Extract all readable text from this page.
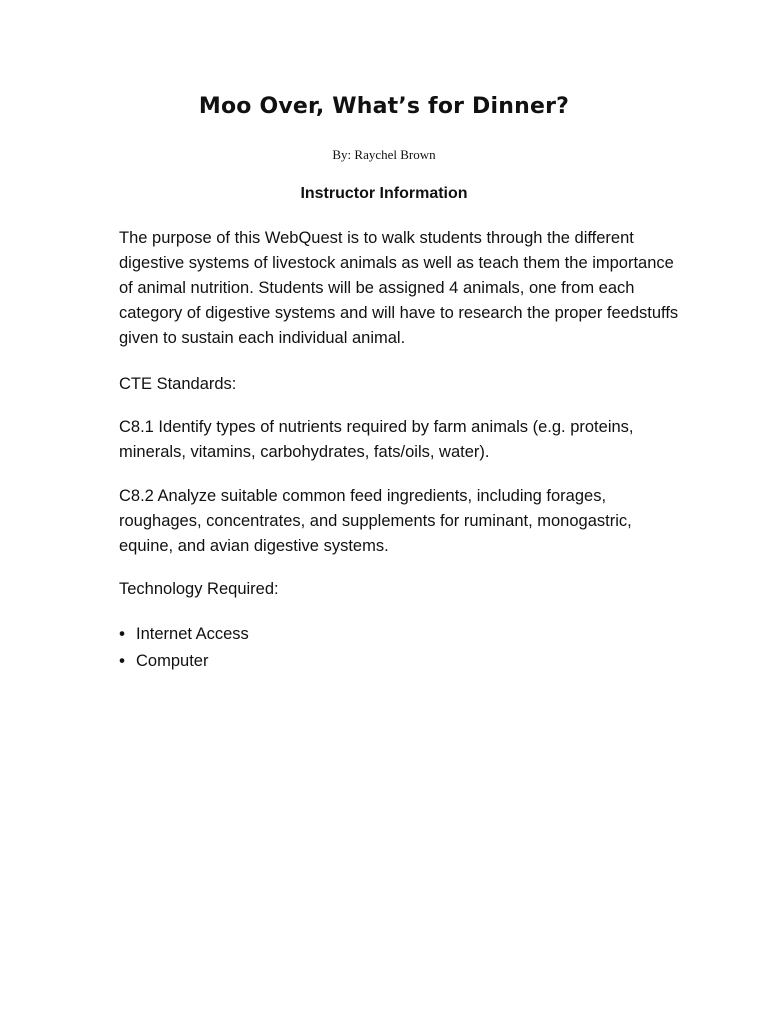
Moo Over, What’s for Dinner?

By: Raychel Brown

Instructor Information

The purpose of this WebQuest is to walk students through the different digestive systems of livestock animals as well as teach them the importance of animal nutrition. Students will be assigned 4 animals, one from each category of digestive systems and will have to research the proper feedstuffs given to sustain each individual animal.

CTE Standards:

C8.1 Identify types of nutrients required by farm animals (e.g. proteins, minerals, vitamins, carbohydrates, fats/oils, water).

C8.2 Analyze suitable common feed ingredients, including forages, roughages, concentrates, and supplements for ruminant, monogastric, equine, and avian digestive systems.

Technology Required:

• Internet Access
• Computer
